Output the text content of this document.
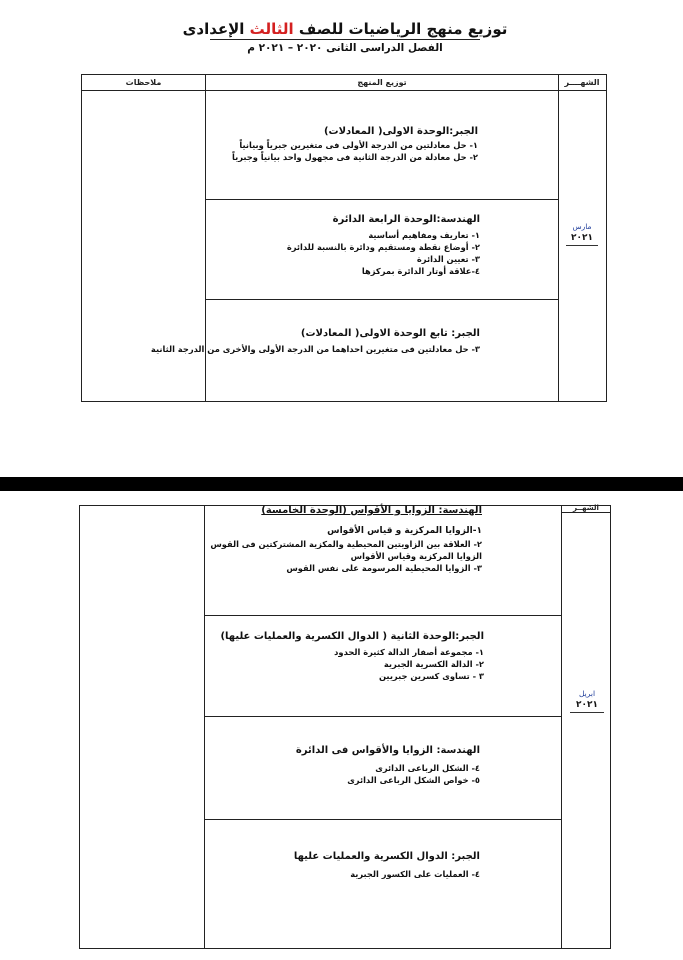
توزيع منهج الرياضيات للصف الثالث الإعدادى
الفصل الدراسى الثانى ٢٠٢٠ – ٢٠٢١ م
ملاحظات	توزيع المنهج	الشهــــر
الجبر:الوحدة الاولى( المعادلات)
١- حل معادلتين من الدرجة الأولى فى متغيرين جبرياً وبيانياً
٢- حل معادلة من الدرجة الثانية فى مجهول واحد بيانياً وجبرياً
الهندسة:الوحدة الرابعة الدائرة
١- تعاريف ومفاهيم أساسية
٢- أوضاع نقطة ومستقيم ودائرة بالنسبة للدائرة
٣- تعيين الدائرة
٤-علاقة أوتار الدائرة بمركزها
الجبر: تابع الوحدة الاولى( المعادلات)
٣- حل معادلتين فى متغيرين احداهما من الدرجة الأولى والأخرى من الدرجة الثانية
مارس
٢٠٢١
الشهــر
الهندسة: الزوايا و الأقواس (الوحدة الخامسة)
١-الزوايا المركزية و قياس الأقواس
٢- العلاقة بين الزاويتين المحيطية والمكزية المشتركتين فى القوس
الزوايا المركزية وقياس الأقواس
٣- الزوايا المحيطية المرسومة على نفس القوس
الجبر:الوحدة الثانية ( الدوال الكسرية والعمليات عليها)
١- مجموعة أصفار الدالة كثيرة الحدود
٢- الدالة الكسرية الجبرية
٣ - تساوى كسرين جبريين
الهندسة: الزوايا والأقواس فى الدائرة
٤- الشكل الرباعى الدائرى
٥- خواص الشكل الرباعى الدائرى
الجبر: الدوال الكسرية والعمليات عليها
٤- العمليات على الكسور الجبرية
ابريل
٢٠٢١
